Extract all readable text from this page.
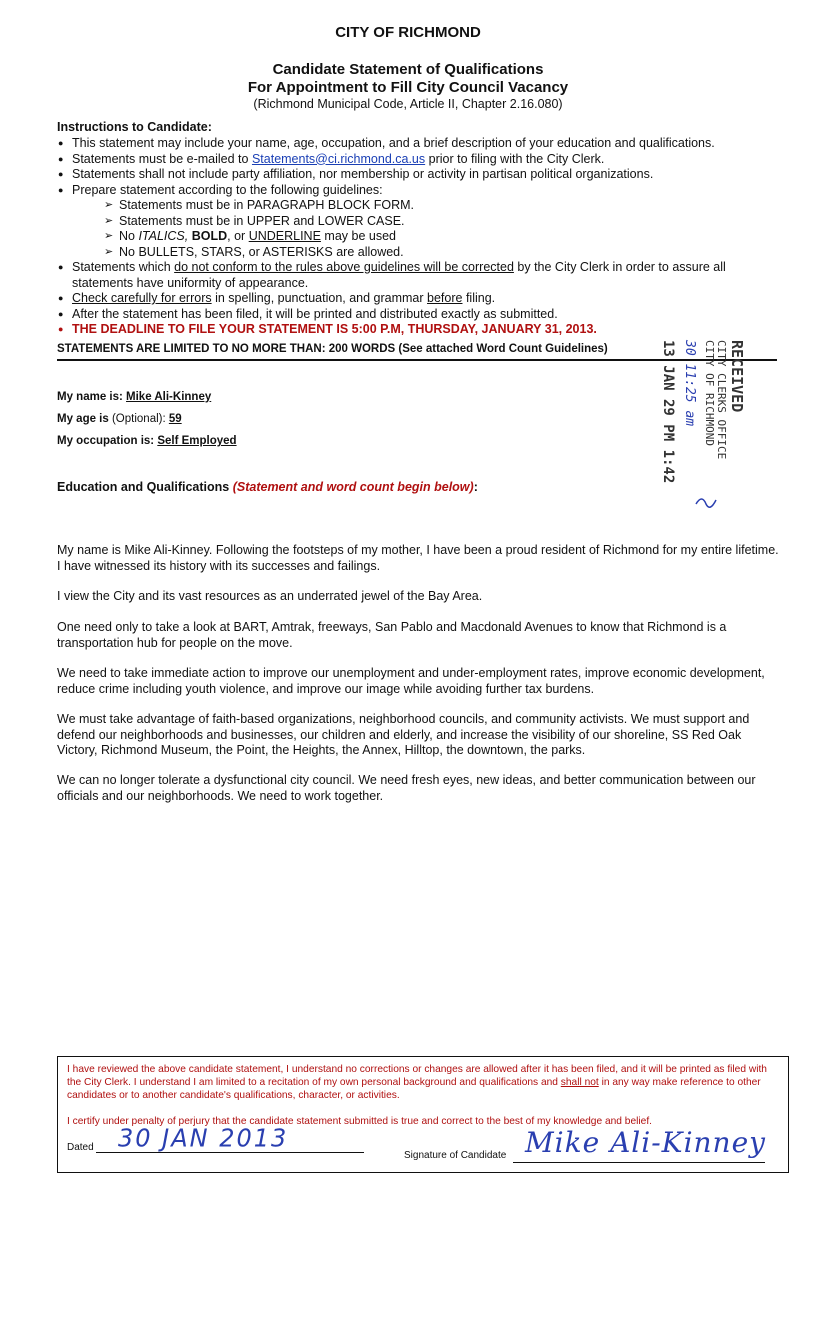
CITY OF RICHMOND
Candidate Statement of Qualifications
For Appointment to Fill City Council Vacancy
(Richmond Municipal Code, Article II, Chapter 2.16.080)
Instructions to Candidate:
● This statement may include your name, age, occupation, and a brief description of your education and qualifications.
● Statements must be e-mailed to Statements@ci.richmond.ca.us prior to filing with the City Clerk.
● Statements shall not include party affiliation, nor membership or activity in partisan political organizations.
● Prepare statement according to the following guidelines:
➢ Statements must be in PARAGRAPH BLOCK FORM.
➢ Statements must be in UPPER and LOWER CASE.
➢ No ITALICS, BOLD, or UNDERLINE may be used
➢ No BULLETS, STARS, or ASTERISKS are allowed.
● Statements which do not conform to the rules above guidelines will be corrected by the City Clerk in order to assure all statements have uniformity of appearance.
● Check carefully for errors in spelling, punctuation, and grammar before filing.
● After the statement has been filed, it will be printed and distributed exactly as submitted.
● THE DEADLINE TO FILE YOUR STATEMENT IS 5:00 P.M, THURSDAY, JANUARY 31, 2013.
STATEMENTS ARE LIMITED TO NO MORE THAN: 200 WORDS (See attached Word Count Guidelines)
My name is: Mike Ali-Kinney
My age is (Optional): 59
My occupation is: Self Employed
Education and Qualifications (Statement and word count begin below):
My name is Mike Ali-Kinney. Following the footsteps of my mother, I have been a proud resident of Richmond for my entire lifetime. I have witnessed its history with its successes and failings.
I view the City and its vast resources as an underrated jewel of the Bay Area.
One need only to take a look at BART, Amtrak, freeways, San Pablo and Macdonald Avenues to know that Richmond is a transportation hub for people on the move.
We need to take immediate action to improve our unemployment and under-employment rates, improve economic development, reduce crime including youth violence, and improve our image while avoiding further tax burdens.
We must take advantage of faith-based organizations, neighborhood councils, and community activists. We must support and defend our neighborhoods and businesses, our children and elderly, and increase the visibility of our shoreline, SS Red Oak Victory, Richmond Museum, the Point, the Heights, the Annex, Hilltop, the downtown, the parks.
We can no longer tolerate a dysfunctional city council. We need fresh eyes, new ideas, and better communication between our officials and our neighborhoods. We need to work together.
I have reviewed the above candidate statement, I understand no corrections or changes are allowed after it has been filed, and it will be printed as filed with the City Clerk. I understand I am limited to a recitation of my own personal background and qualifications and shall not in any way make reference to other candidates or to another candidate's qualifications, character, or activities.
I certify under penalty of perjury that the candidate statement submitted is true and correct to the best of my knowledge and belief.
Dated 30 JAN 2013
Signature of Candidate Mike Ali-Kinney
RECEIVED
CITY CLERKS OFFICE
CITY OF RICHMOND
30 11:25 am
13 JAN 29 PM 1:42
